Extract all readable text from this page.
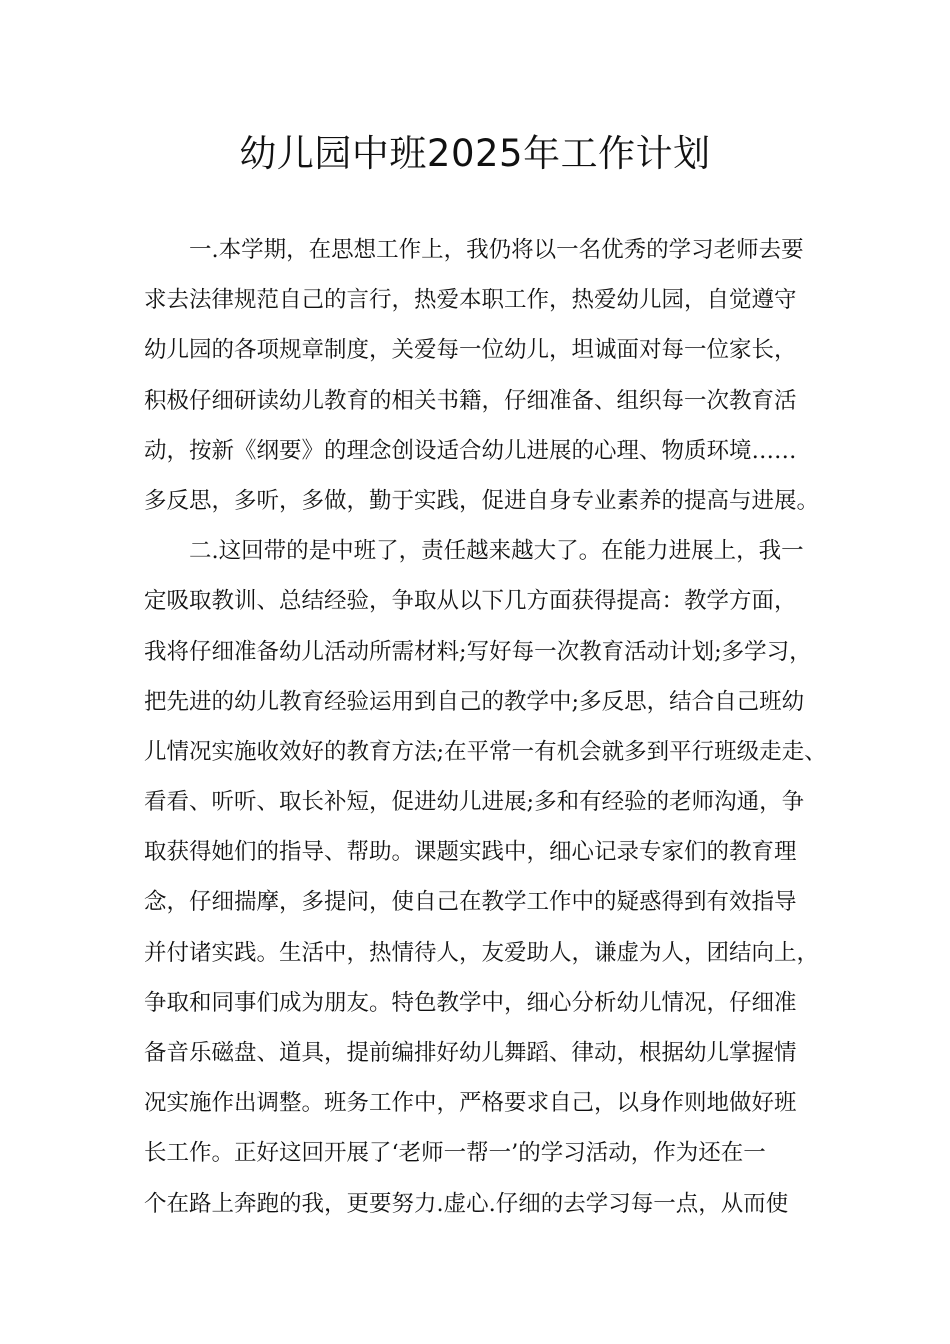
幼儿园中班2025年工作计划
一.本学期，在思想工作上，我仍将以一名优秀的学习老师去要
求去法律规范自己的言行，热爱本职工作，热爱幼儿园，自觉遵守
幼儿园的各项规章制度，关爱每一位幼儿，坦诚面对每一位家长，
积极仔细研读幼儿教育的相关书籍，仔细准备、组织每一次教育活
动，按新《纲要》的理念创设适合幼儿进展的心理、物质环境……
多反思，多听，多做，勤于实践，促进自身专业素养的提高与进展。
二.这回带的是中班了，责任越来越大了。在能力进展上，我一
定吸取教训、总结经验，争取从以下几方面获得提高：教学方面，
我将仔细准备幼儿活动所需材料;写好每一次教育活动计划;多学习，
把先进的幼儿教育经验运用到自己的教学中;多反思，结合自己班幼
儿情况实施收效好的教育方法;在平常一有机会就多到平行班级走走、
看看、听听、取长补短，促进幼儿进展;多和有经验的老师沟通，争
取获得她们的指导、帮助。课题实践中，细心记录专家们的教育理
念，仔细揣摩，多提问，使自己在教学工作中的疑惑得到有效指导
并付诸实践。生活中，热情待人，友爱助人，谦虚为人，团结向上，
争取和同事们成为朋友。特色教学中，细心分析幼儿情况，仔细准
备音乐磁盘、道具，提前编排好幼儿舞蹈、律动，根据幼儿掌握情
况实施作出调整。班务工作中，严格要求自己，以身作则地做好班
长工作。正好这回开展了‘老师一帮一’的学习活动，作为还在一
个在路上奔跑的我，更要努力.虚心.仔细的去学习每一点，从而使
